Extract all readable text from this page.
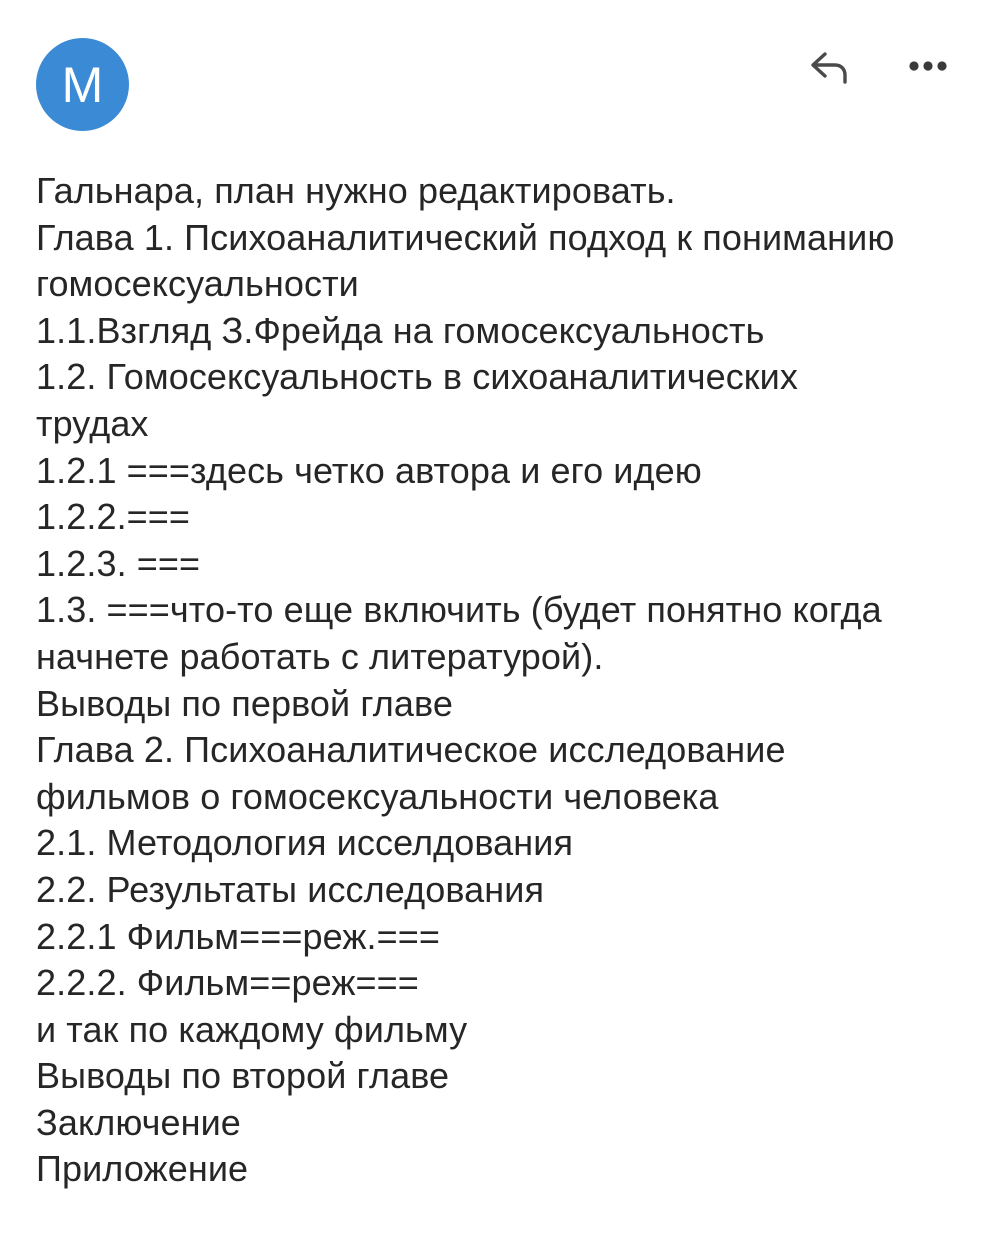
M
Гальнара, план нужно редактировать.
Глава 1. Психоаналитический подход к пониманию
гомосексуальности
1.1.Взгляд З.Фрейда на гомосексуальность
1.2. Гомосексуальность в сихоаналитических
трудах
1.2.1 ===здесь четко автора и его идею
1.2.2.===
1.2.3. ===
1.3. ===что-то еще включить (будет понятно когда
начнете работать с литературой).
Выводы по первой главе
Глава 2. Психоаналитическое исследование
фильмов о гомосексуальности человека
2.1. Методология исселдования
2.2. Результаты исследования
2.2.1 Фильм===реж.===
2.2.2. Фильм==реж===
и так по каждому фильму
Выводы по второй главе
Заключение
Приложение
